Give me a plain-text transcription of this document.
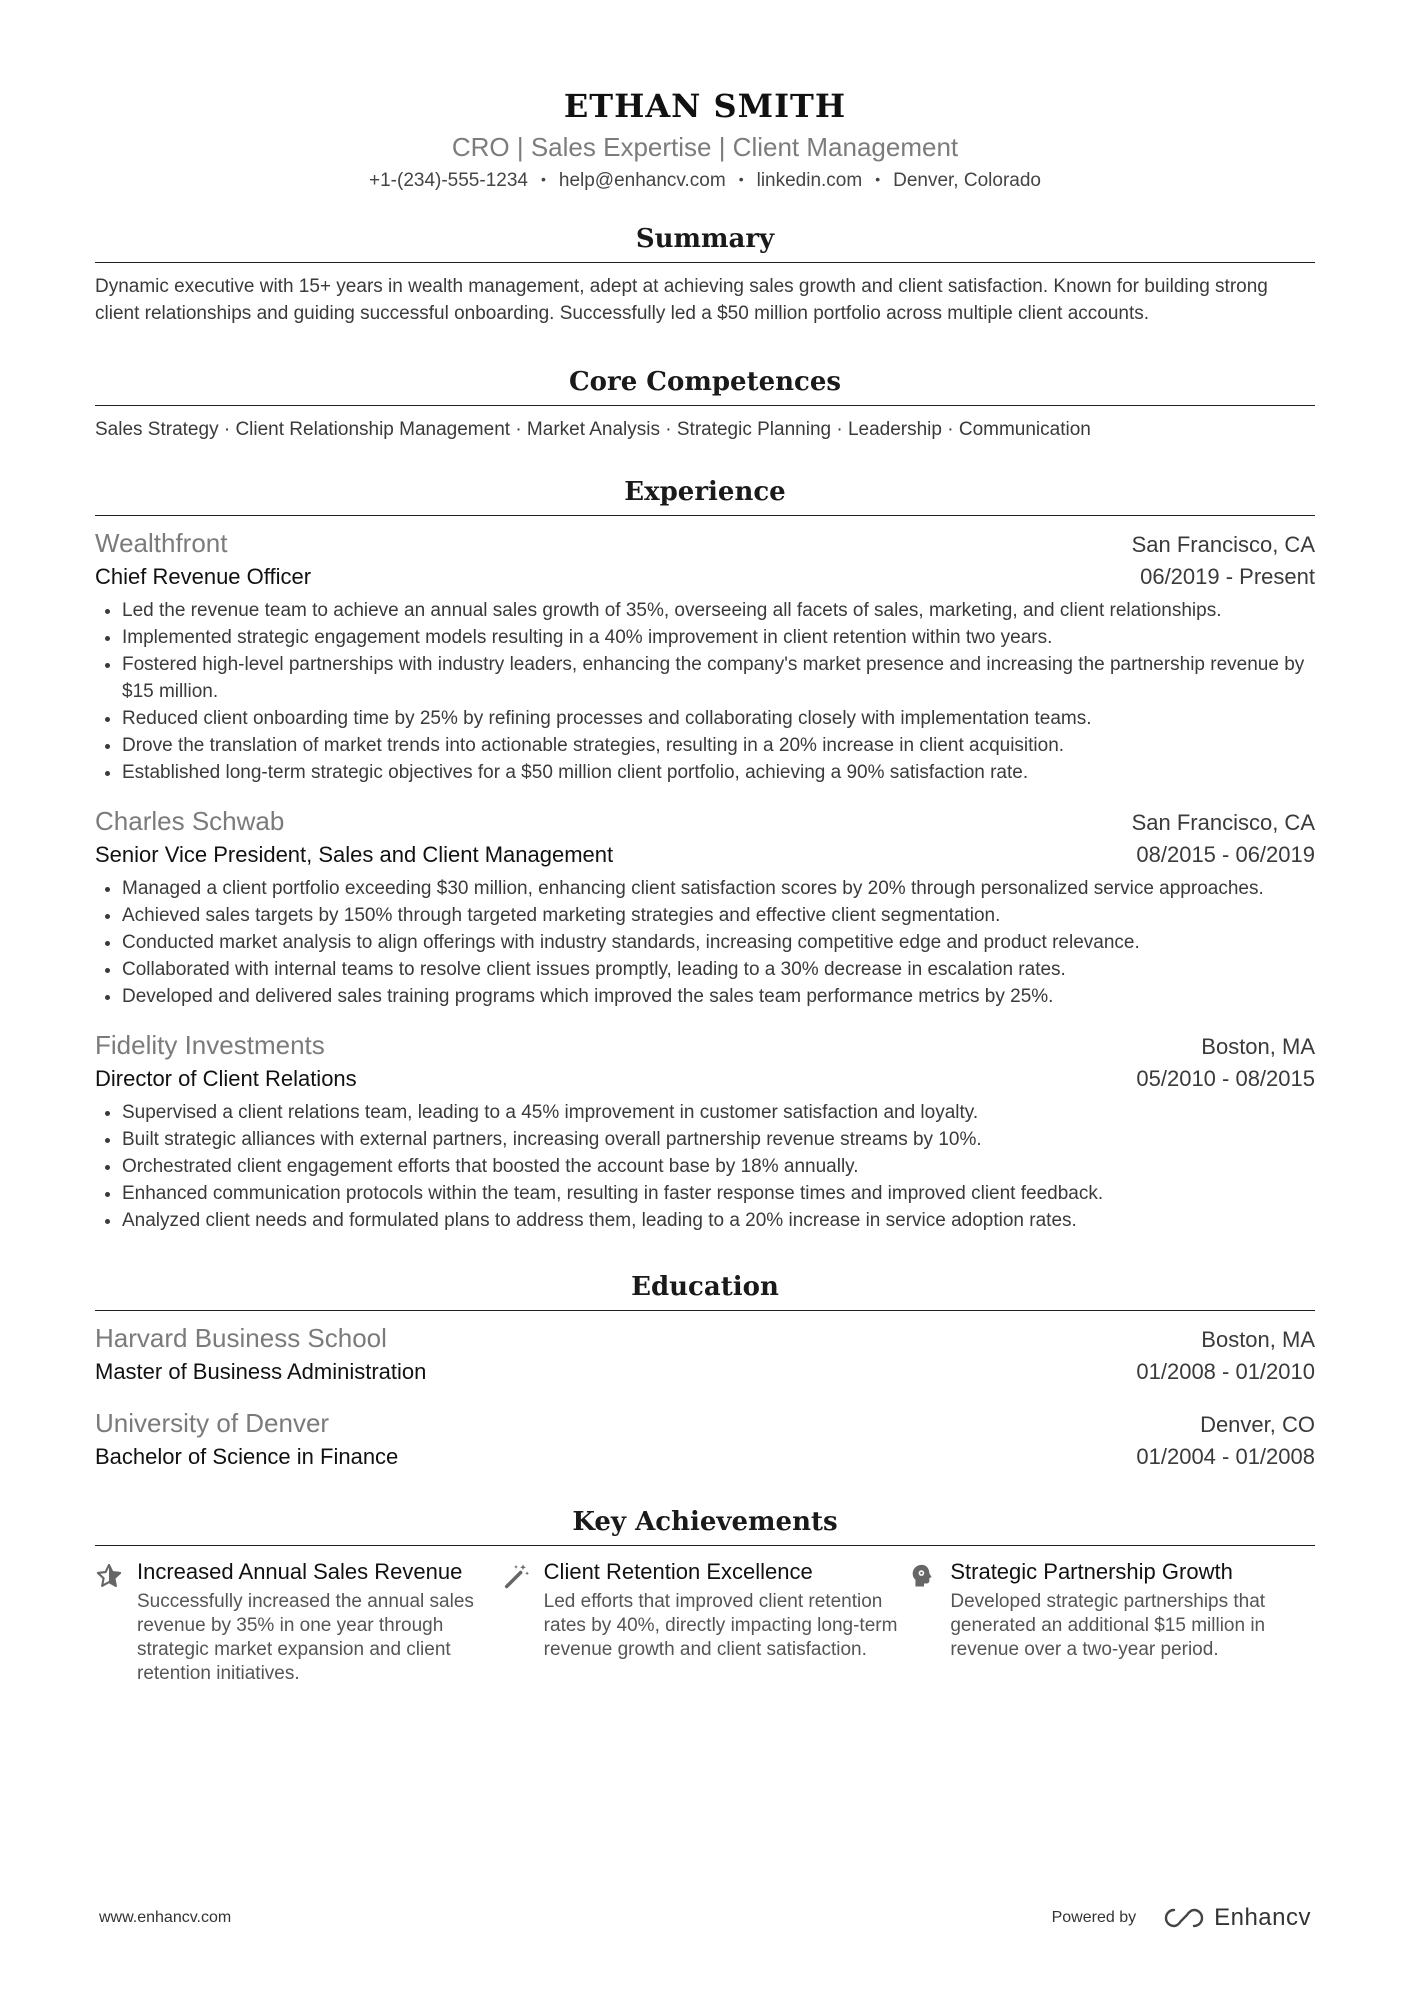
ETHAN SMITH
CRO | Sales Expertise | Client Management
+1-(234)-555-1234 • help@enhancv.com • linkedin.com • Denver, Colorado
Summary
Dynamic executive with 15+ years in wealth management, adept at achieving sales growth and client satisfaction. Known for building strong client relationships and guiding successful onboarding. Successfully led a $50 million portfolio across multiple client accounts.
Core Competences
Sales Strategy · Client Relationship Management · Market Analysis · Strategic Planning · Leadership · Communication
Experience
Wealthfront	San Francisco, CA
Chief Revenue Officer	06/2019 - Present
• Led the revenue team to achieve an annual sales growth of 35%, overseeing all facets of sales, marketing, and client relationships.
• Implemented strategic engagement models resulting in a 40% improvement in client retention within two years.
• Fostered high-level partnerships with industry leaders, enhancing the company's market presence and increasing the partnership revenue by $15 million.
• Reduced client onboarding time by 25% by refining processes and collaborating closely with implementation teams.
• Drove the translation of market trends into actionable strategies, resulting in a 20% increase in client acquisition.
• Established long-term strategic objectives for a $50 million client portfolio, achieving a 90% satisfaction rate.
Charles Schwab	San Francisco, CA
Senior Vice President, Sales and Client Management	08/2015 - 06/2019
• Managed a client portfolio exceeding $30 million, enhancing client satisfaction scores by 20% through personalized service approaches.
• Achieved sales targets by 150% through targeted marketing strategies and effective client segmentation.
• Conducted market analysis to align offerings with industry standards, increasing competitive edge and product relevance.
• Collaborated with internal teams to resolve client issues promptly, leading to a 30% decrease in escalation rates.
• Developed and delivered sales training programs which improved the sales team performance metrics by 25%.
Fidelity Investments	Boston, MA
Director of Client Relations	05/2010 - 08/2015
• Supervised a client relations team, leading to a 45% improvement in customer satisfaction and loyalty.
• Built strategic alliances with external partners, increasing overall partnership revenue streams by 10%.
• Orchestrated client engagement efforts that boosted the account base by 18% annually.
• Enhanced communication protocols within the team, resulting in faster response times and improved client feedback.
• Analyzed client needs and formulated plans to address them, leading to a 20% increase in service adoption rates.
Education
Harvard Business School	Boston, MA
Master of Business Administration	01/2008 - 01/2010
University of Denver	Denver, CO
Bachelor of Science in Finance	01/2004 - 01/2008
Key Achievements
Increased Annual Sales Revenue
Successfully increased the annual sales revenue by 35% in one year through strategic market expansion and client retention initiatives.
Client Retention Excellence
Led efforts that improved client retention rates by 40%, directly impacting long-term revenue growth and client satisfaction.
Strategic Partnership Growth
Developed strategic partnerships that generated an additional $15 million in revenue over a two-year period.
www.enhancv.com	Powered by	Enhancv
